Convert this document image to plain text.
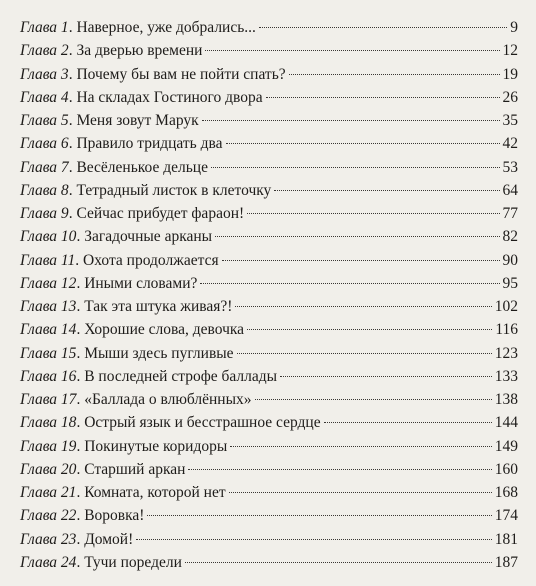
Глава 1 . Наверное, уже добрались...	9
Глава 2 . За дверью времени	12
Глава 3 . Почему бы вам не пойти спать?	19
Глава 4 . На складах Гостиного двора	26
Глава 5 . Меня зовут Марук	35
Глава 6 . Правило тридцать два	42
Глава 7 . Весёленькое дельце	53
Глава 8 . Тетрадный листок в клеточку	64
Глава 9 . Сейчас прибудет фараон!	77
Глава 10 . Загадочные арканы	82
Глава 11 . Охота продолжается	90
Глава 12 . Иными словами?	95
Глава 13 . Так эта штука живая?!	102
Глава 14 . Хорошие слова, девочка	116
Глава 15 . Мыши здесь пугливые	123
Глава 16 . В последней строфе баллады	133
Глава 17 . «Баллада о влюблённых»	138
Глава 18 . Острый язык и бесстрашное сердце	144
Глава 19 . Покинутые коридоры	149
Глава 20 . Старший аркан	160
Глава 21 . Комната, которой нет	168
Глава 22 . Воровка!	174
Глава 23 . Домой!	181
Глава 24 . Тучи поредели	187
